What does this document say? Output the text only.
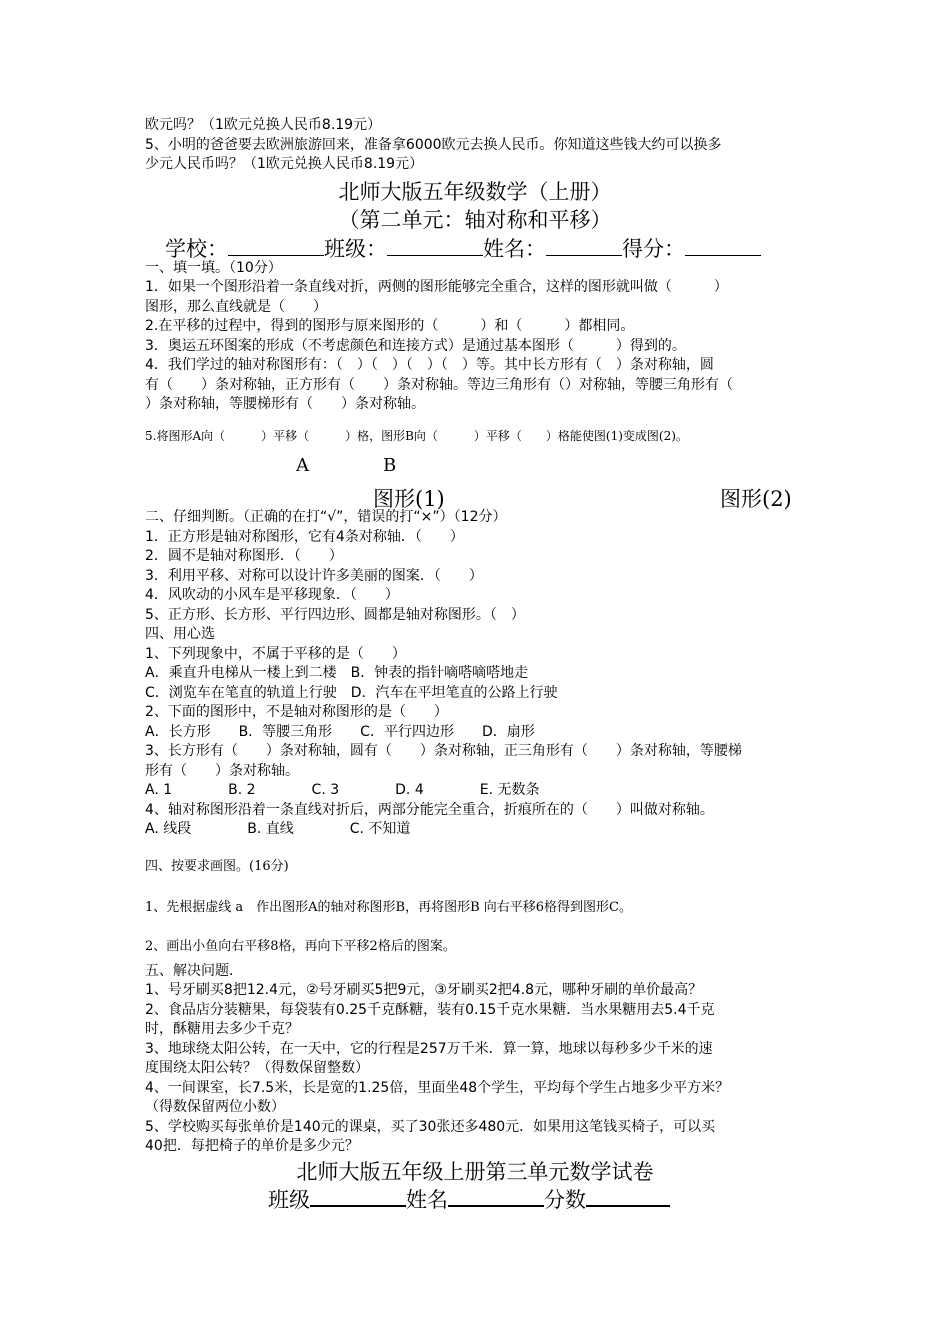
欧元吗？（1欧元兑换人民币8.19元）
5、小明的爸爸要去欧洲旅游回来，准备拿6000欧元去换人民币。你知道这些钱大约可以换多
少元人民币吗？（1欧元兑换人民币8.19元）
北师大版五年级数学（上册）
（第二单元：轴对称和平移）
学校：	班级：	姓名：	得分：
一、填一填。（10分）
1．如果一个图形沿着一条直线对折，两侧的图形能够完全重合，这样的图形就叫做（　　　）
图形，那么直线就是（　　）
2.在平移的过程中，得到的图形与原来图形的（　　　）和（　　　）都相同。
3．奥运五环图案的形成（不考虑颜色和连接方式）是通过基本图形（　　　）得到的。
4．我们学过的轴对称图形有：（　）（　）（　）（　）等。其中长方形有（　）条对称轴，圆
有（　　）条对称轴，正方形有（　　）条对称轴。等边三角形有（）对称轴，等腰三角形有（
）条对称轴，等腰梯形有（　　）条对称轴。
5.将图形A向（　　　）平移（　　　）格，图形B向（　　　）平移（　　）格能使图(1)变成图(2)。
A	B
图形(1)	图形(2)
二、仔细判断。（正确的在打“√”，错误的打“×”）（12分）
1．正方形是轴对称图形，它有4条对称轴．（　　）
2．圆不是轴对称图形．（　　）
3．利用平移、对称可以设计许多美丽的图案．（　　）
4．风吹动的小风车是平移现象．（　　）
5、正方形、长方形、平行四边形、圆都是轴对称图形。（　）
四、用心选
1、下列现象中，不属于平移的是（　　）
A．乘直升电梯从一楼上到二楼　B．钟表的指针嘀嗒嘀嗒地走
C．浏览车在笔直的轨道上行驶　D．汽车在平坦笔直的公路上行驶
2、下面的图形中，不是轴对称图形的是（　　）
A．长方形　　B．等腰三角形　　C．平行四边形　　D．扇形
3、长方形有（　　）条对称轴，圆有（　　）条对称轴，正三角形有（　　）条对称轴，等腰梯
形有（　　）条对称轴。
A. 1　　　　B. 2　　　　C. 3　　　　D. 4　　　　E. 无数条
4、轴对称图形沿着一条直线对折后，两部分能完全重合，折痕所在的（　　）叫做对称轴。
A. 线段　　　　B. 直线　　　　C. 不知道
四、按要求画图。(16分)
1、先根据虚线 a　作出图形A的轴对称图形B，再将图形B 向右平移6格得到图形C。
2、画出小鱼向右平移8格，再向下平移2格后的图案。
五、解决问题．
1、号牙刷买8把12.4元，②号牙刷买5把9元，③牙刷买2把4.8元，哪种牙刷的单价最高？
2、食品店分装糖果，每袋装有0.25千克酥糖，装有0.15千克水果糖．当水果糖用去5.4千克
时，酥糖用去多少千克？
3、地球绕太阳公转，在一天中，它的行程是257万千米．算一算，地球以每秒多少千米的速
度围绕太阳公转？（得数保留整数）
4、一间课室，长7.5米，长是宽的1.25倍，里面坐48个学生，平均每个学生占地多少平方米？
（得数保留两位小数）
5、学校购买每张单价是140元的课桌，买了30张还多480元．如果用这笔钱买椅子，可以买
40把．每把椅子的单价是多少元？
北师大版五年级上册第三单元数学试卷
班级	姓名	分数
